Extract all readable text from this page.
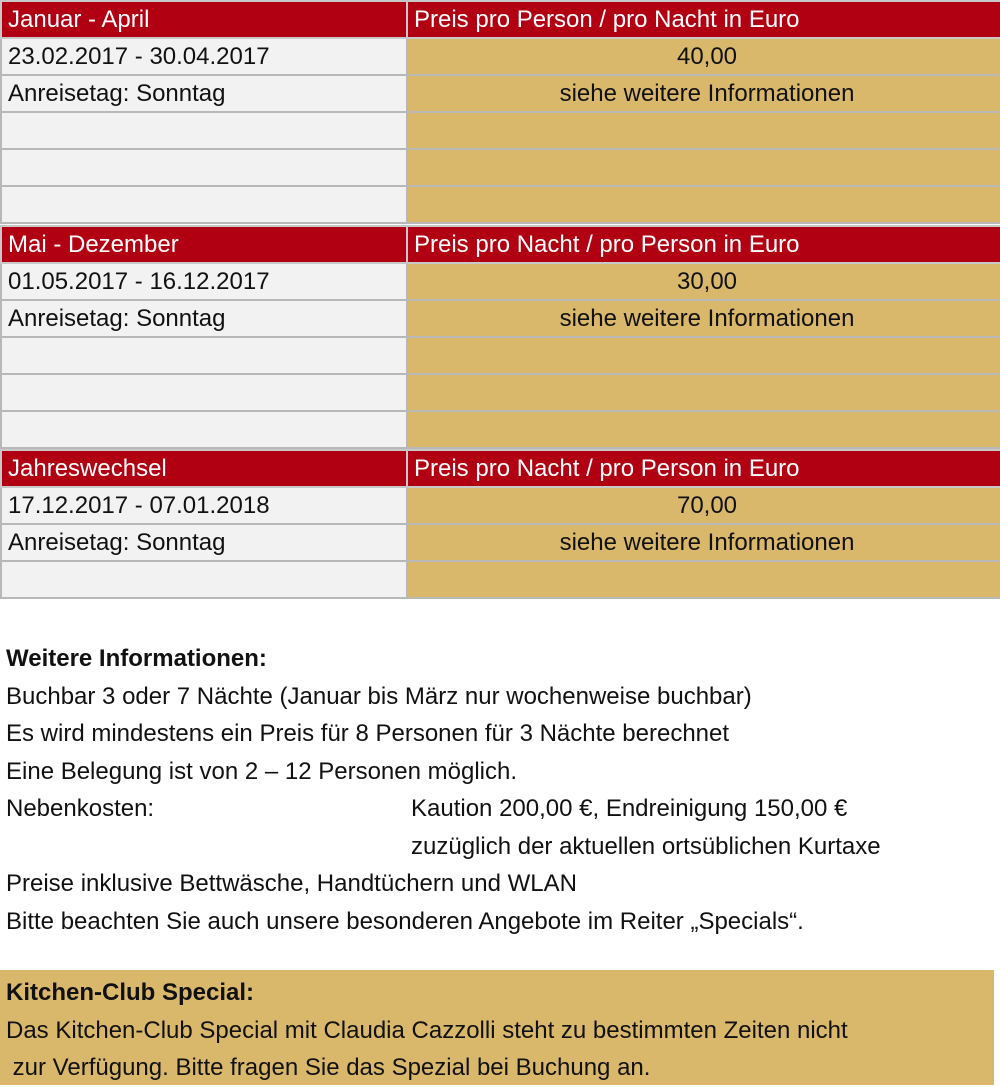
Januar - April	Preis pro Person / pro Nacht in Euro
23.02.2017 - 30.04.2017	40,00
Anreisetag: Sonntag	siehe weitere Informationen

Mai - Dezember	Preis pro Nacht / pro Person in Euro
01.05.2017 - 16.12.2017	30,00
Anreisetag: Sonntag	siehe weitere Informationen

Jahreswechsel	Preis pro Nacht / pro Person in Euro
17.12.2017 - 07.01.2018	70,00
Anreisetag: Sonntag	siehe weitere Informationen

Weitere Informationen:
Buchbar 3 oder 7 Nächte (Januar bis März nur wochenweise buchbar)
Es wird mindestens ein Preis für 8 Personen für 3 Nächte berechnet
Eine Belegung ist von 2 – 12 Personen möglich.
Nebenkosten:	Kaution 200,00 €, Endreinigung 150,00 €
zuzüglich der aktuellen ortsüblichen Kurtaxe
Preise inklusive Bettwäsche, Handtüchern und WLAN
Bitte beachten Sie auch unsere besonderen Angebote im Reiter „Specials“.
Kitchen-Club Special:
Das Kitchen-Club Special mit Claudia Cazzolli steht zu bestimmten Zeiten nicht
zur Verfügung. Bitte fragen Sie das Spezial bei Buchung an.
